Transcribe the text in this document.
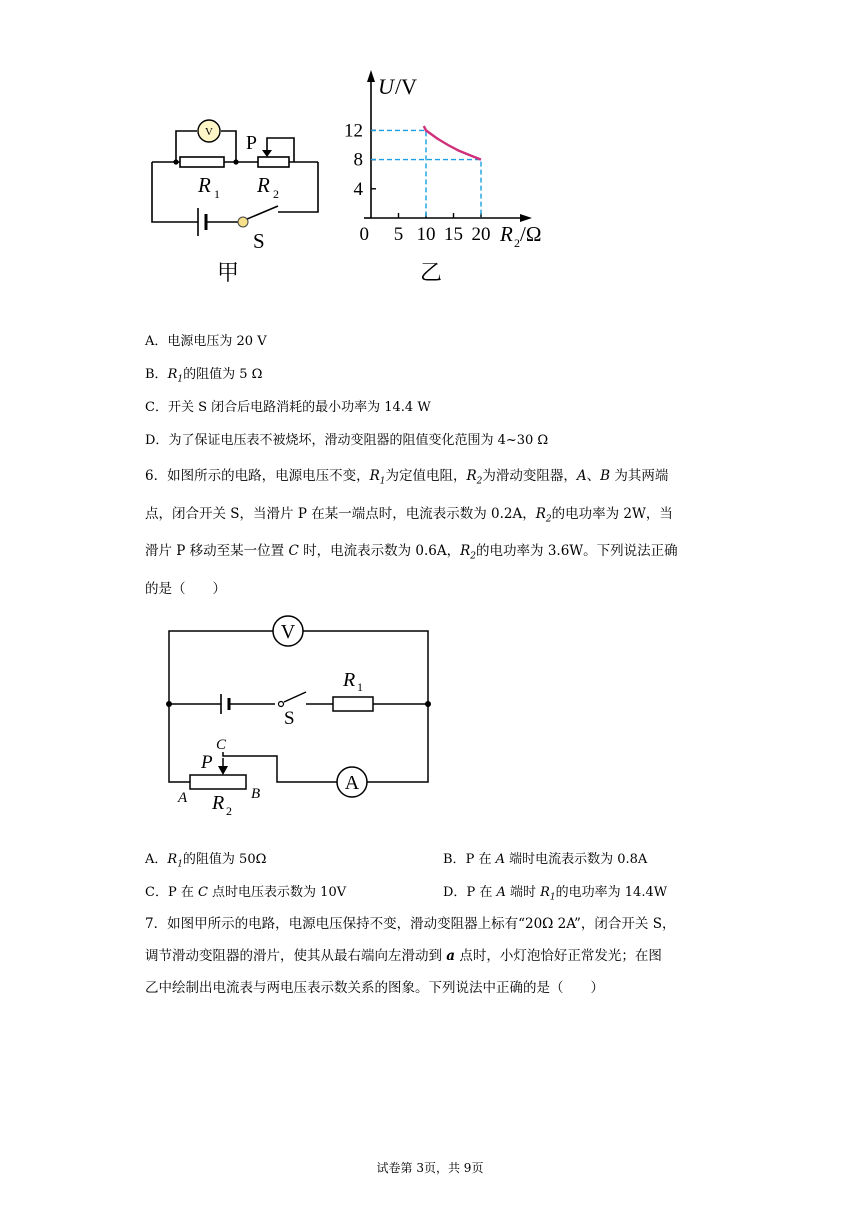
V P
R 1 R 2
S
甲
12
8
4
5 10 15 20
0
U /V
R 2 /Ω
乙
A．电源电压为 20 V
B．$R_1$的阻值为 5 Ω
C．开关 S 闭合后电路消耗的最小功率为 14.4 W
D．为了保证电压表不被烧坏，滑动变阻器的阻值变化范围为 4~30 Ω
6．如图所示的电路，电源电压不变，$R_1$为定值电阻，$R_2$为滑动变阻器，A、B 为其两端
点，闭合开关 S，当滑片 P 在某一端点时，电流表示数为 0.2A，$R_2$的电功率为 2W，当
滑片 P 移动至某一位置 C 时，电流表示数为 0.6A，$R_2$的电功率为 3.6W。下列说法正确
的是（　　）
V
A
R 1
S
C
P
A	B
R 2
A．$R_1$的阻值为 50Ω	B．P 在 A 端时电流表示数为 0.8A
C．P 在 C 点时电压表示数为 10V	D．P 在 A 端时 $R_1$的电功率为 14.4W
7．如图甲所示的电路，电源电压保持不变，滑动变阻器上标有“20Ω 2A”，闭合开关 S，
调节滑动变阻器的滑片，使其从最右端向左滑动到 a 点时，小灯泡恰好正常发光；在图
乙中绘制出电流表与两电压表示数关系的图象。下列说法中正确的是（　　）
试卷第 3页，共 9页
